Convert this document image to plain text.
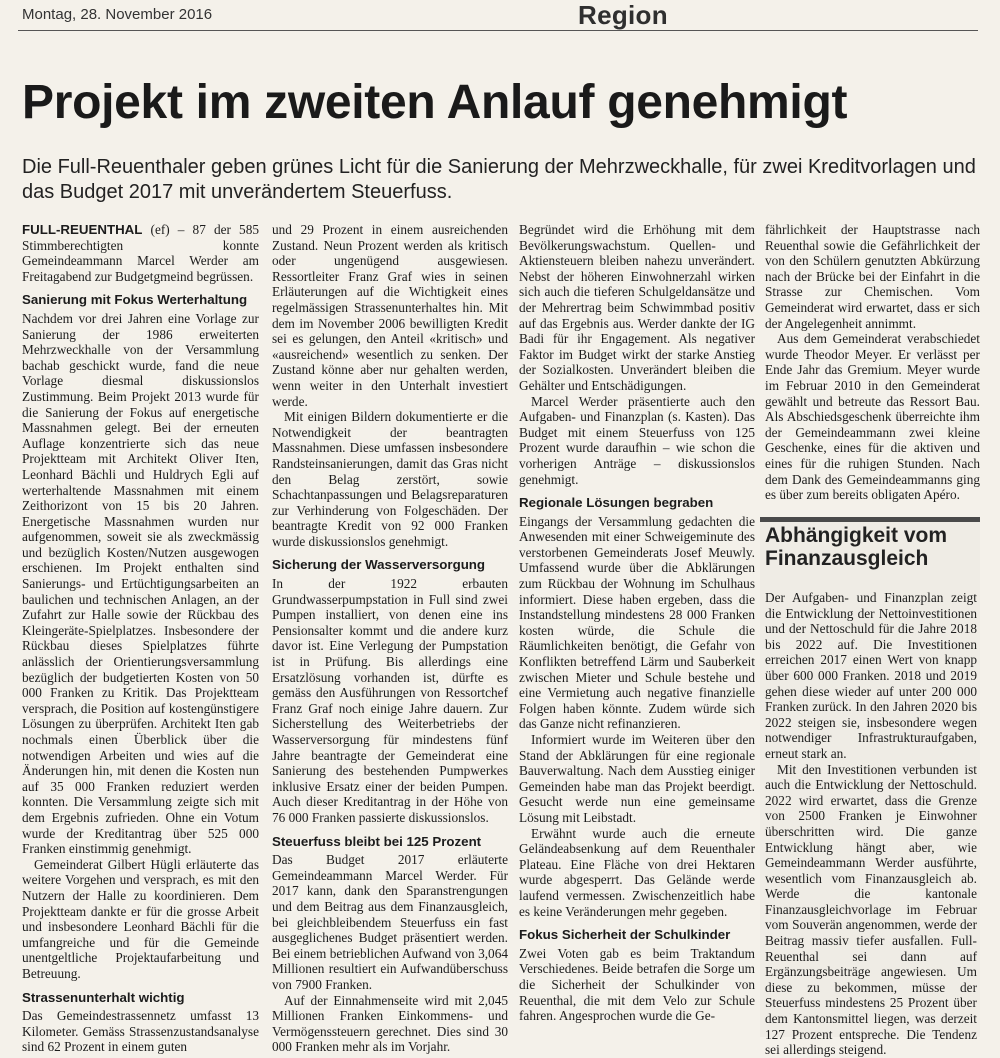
Montag, 28. November 2016	Region
Projekt im zweiten Anlauf genehmigt
Die Full-Reuenthaler geben grünes Licht für die Sanierung der Mehrzweckhalle, für zwei Kreditvorlagen und das Budget 2017 mit unverändertem Steuerfuss.

FULL-REUENTHAL (ef) – 87 der 585 Stimmberechtigten konnte Gemeindeammann Marcel Werder am Freitagabend zur Budgetgmeind begrüssen.

Sanierung mit Fokus Werterhaltung

Nachdem vor drei Jahren eine Vorlage zur Sanierung der 1986 erweiterten Mehrzweckhalle von der Versammlung bachab geschickt wurde, fand die neue Vorlage diesmal diskussionslos Zustimmung. Beim Projekt 2013 wurde für die Sanierung der Fokus auf energetische Massnahmen gelegt. Bei der erneuten Auflage konzentrierte sich das neue Projektteam mit Architekt Oliver Iten, Leonhard Bächli und Huldrych Egli auf werterhaltende Massnahmen mit einem Zeithorizont von 15 bis 20 Jahren. Energetische Massnahmen wurden nur aufgenommen, soweit sie als zweckmässig und bezüglich Kosten/Nutzen ausgewogen erschienen. Im Projekt enthalten sind Sanierungs- und Ertüchtigungsarbeiten an baulichen und technischen Anlagen, an der Zufahrt zur Halle sowie der Rückbau des Kleingeräte-Spielplatzes. Insbesondere der Rückbau dieses Spielplatzes führte anlässlich der Orientierungsversammlung bezüglich der budgetierten Kosten von 50 000 Franken zu Kritik. Das Projektteam versprach, die Position auf kostengünstigere Lösungen zu überprüfen. Architekt Iten gab nochmals einen Überblick über die notwendigen Arbeiten und wies auf die Änderungen hin, mit denen die Kosten nun auf 35 000 Franken reduziert werden konnten. Die Versammlung zeigte sich mit dem Ergebnis zufrieden. Ohne ein Votum wurde der Kreditantrag über 525 000 Franken einstimmig genehmigt.

Gemeinderat Gilbert Hügli erläuterte das weitere Vorgehen und versprach, es mit den Nutzern der Halle zu koordinieren. Dem Projektteam dankte er für die grosse Arbeit und insbesondere Leonhard Bächli für die umfangreiche und für die Gemeinde unentgeltliche Projektaufarbeitung und Betreuung.

Strassenunterhalt wichtig

Das Gemeindestrassennetz umfasst 13 Kilometer. Gemäss Strassenzustandsanalyse sind 62 Prozent in einem guten

und 29 Prozent in einem ausreichenden Zustand. Neun Prozent werden als kritisch oder ungenügend ausgewiesen. Ressortleiter Franz Graf wies in seinen Erläuterungen auf die Wichtigkeit eines regelmässigen Strassenunterhaltes hin. Mit dem im November 2006 bewilligten Kredit sei es gelungen, den Anteil «kritisch» und «ausreichend» wesentlich zu senken. Der Zustand könne aber nur gehalten werden, wenn weiter in den Unterhalt investiert werde.

Mit einigen Bildern dokumentierte er die Notwendigkeit der beantragten Massnahmen. Diese umfassen insbesondere Randsteinsanierungen, damit das Gras nicht den Belag zerstört, sowie Schachtanpassungen und Belagsreparaturen zur Verhinderung von Folgeschäden. Der beantragte Kredit von 92 000 Franken wurde diskussionslos genehmigt.

Sicherung der Wasserversorgung

In der 1922 erbauten Grundwasserpumpstation in Full sind zwei Pumpen installiert, von denen eine ins Pensionsalter kommt und die andere kurz davor ist. Eine Verlegung der Pumpstation ist in Prüfung. Bis allerdings eine Ersatzlösung vorhanden ist, dürfte es gemäss den Ausführungen von Ressortchef Franz Graf noch einige Jahre dauern. Zur Sicherstellung des Weiterbetriebs der Wasserversorgung für mindestens fünf Jahre beantragte der Gemeinderat eine Sanierung des bestehenden Pumpwerkes inklusive Ersatz einer der beiden Pumpen. Auch dieser Kreditantrag in der Höhe von 76 000 Franken passierte diskussionslos.

Steuerfuss bleibt bei 125 Prozent

Das Budget 2017 erläuterte Gemeindeammann Marcel Werder. Für 2017 kann, dank den Sparanstrengungen und dem Beitrag aus dem Finanzausgleich, bei gleichbleibendem Steuerfuss ein fast ausgeglichenes Budget präsentiert werden. Bei einem betrieblichen Aufwand von 3,064 Millionen resultiert ein Aufwandüberschuss von 7900 Franken.

Auf der Einnahmenseite wird mit 2,045 Millionen Franken Einkommens- und Vermögenssteuern gerechnet. Dies sind 30 000 Franken mehr als im Vorjahr.

Begründet wird die Erhöhung mit dem Bevölkerungswachstum. Quellen- und Aktiensteuern bleiben nahezu unverändert. Nebst der höheren Einwohnerzahl wirken sich auch die tieferen Schulgeldansätze und der Mehrertrag beim Schwimmbad positiv auf das Ergebnis aus. Werder dankte der IG Badi für ihr Engagement. Als negativer Faktor im Budget wirkt der starke Anstieg der Sozialkosten. Unverändert bleiben die Gehälter und Entschädigungen.

Marcel Werder präsentierte auch den Aufgaben- und Finanzplan (s. Kasten). Das Budget mit einem Steuerfuss von 125 Prozent wurde daraufhin – wie schon die vorherigen Anträge – diskussionslos genehmigt.

Regionale Lösungen begraben

Eingangs der Versammlung gedachten die Anwesenden mit einer Schweigeminute des verstorbenen Gemeinderats Josef Meuwly. Umfassend wurde über die Abklärungen zum Rückbau der Wohnung im Schulhaus informiert. Diese haben ergeben, dass die Instandstellung mindestens 28 000 Franken kosten würde, die Schule die Räumlichkeiten benötigt, die Gefahr von Konflikten betreffend Lärm und Sauberkeit zwischen Mieter und Schule bestehe und eine Vermietung auch negative finanzielle Folgen haben könnte. Zudem würde sich das Ganze nicht refinanzieren.

Informiert wurde im Weiteren über den Stand der Abklärungen für eine regionale Bauverwaltung. Nach dem Ausstieg einiger Gemeinden habe man das Projekt beerdigt. Gesucht werde nun eine gemeinsame Lösung mit Leibstadt.

Erwähnt wurde auch die erneute Geländeabsenkung auf dem Reuenthaler Plateau. Eine Fläche von drei Hektaren wurde abgesperrt. Das Gelände werde laufend vermessen. Zwischenzeitlich habe es keine Veränderungen mehr gegeben.

Fokus Sicherheit der Schulkinder

Zwei Voten gab es beim Traktandum Verschiedenes. Beide betrafen die Sorge um die Sicherheit der Schulkinder von Reuenthal, die mit dem Velo zur Schule fahren. Angesprochen wurde die Ge-

fährlichkeit der Hauptstrasse nach Reuenthal sowie die Gefährlichkeit der von den Schülern genutzten Abkürzung nach der Brücke bei der Einfahrt in die Strasse zur Chemischen. Vom Gemeinderat wird erwartet, dass er sich der Angelegenheit annimmt.

Aus dem Gemeinderat verabschiedet wurde Theodor Meyer. Er verlässt per Ende Jahr das Gremium. Meyer wurde im Februar 2010 in den Gemeinderat gewählt und betreute das Ressort Bau. Als Abschiedsgeschenk überreichte ihm der Gemeindeammann zwei kleine Geschenke, eines für die aktiven und eines für die ruhigen Stunden. Nach dem Dank des Gemeindeammanns ging es über zum bereits obligaten Apéro.

Abhängigkeit vom Finanzausgleich

Der Aufgaben- und Finanzplan zeigt die Entwicklung der Nettoinvestitionen und der Nettoschuld für die Jahre 2018 bis 2022 auf. Die Investitionen erreichen 2017 einen Wert von knapp über 600 000 Franken. 2018 und 2019 gehen diese wieder auf unter 200 000 Franken zurück. In den Jahren 2020 bis 2022 steigen sie, insbesondere wegen notwendiger Infrastrukturaufgaben, erneut stark an.

Mit den Investitionen verbunden ist auch die Entwicklung der Nettoschuld. 2022 wird erwartet, dass die Grenze von 2500 Franken je Einwohner überschritten wird. Die ganze Entwicklung hängt aber, wie Gemeindeammann Werder ausführte, wesentlich vom Finanzausgleich ab. Werde die kantonale Finanzausgleichvorlage im Februar vom Souverän angenommen, werde der Beitrag massiv tiefer ausfallen. Full-Reuenthal sei dann auf Ergänzungsbeiträge angewiesen. Um diese zu bekommen, müsse der Steuerfuss mindestens 25 Prozent über dem Kantonsmittel liegen, was derzeit 127 Prozent entspreche. Die Tendenz sei allerdings steigend.
